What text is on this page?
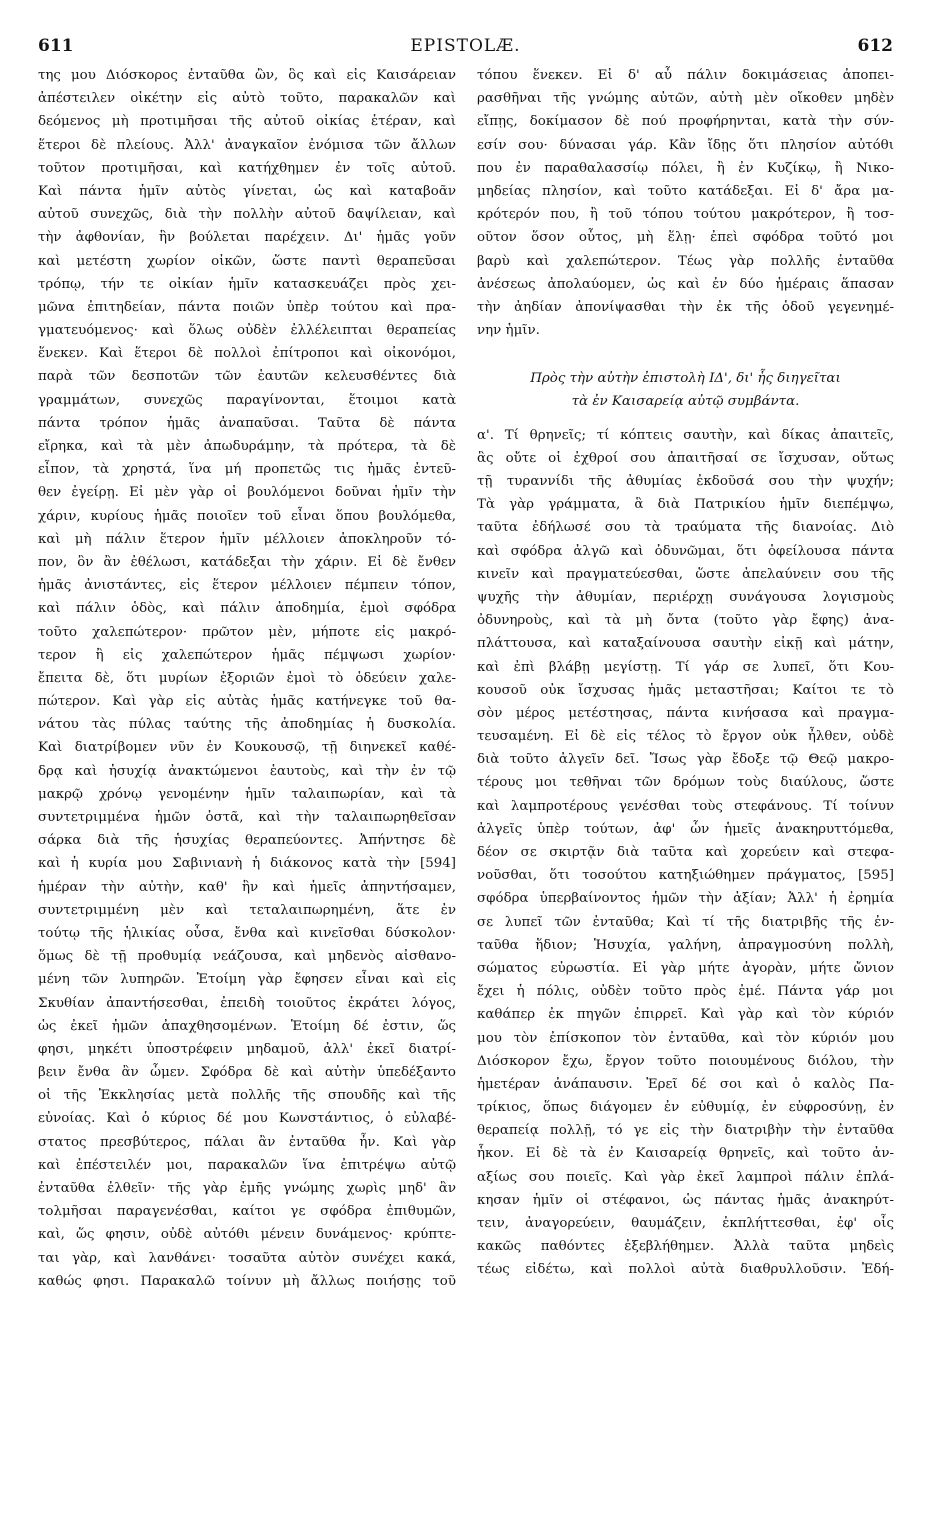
611	EPISTOLÆ.	612
της μου Διόσκορος ἐνταῦθα ὢν, ὃς καὶ εἰς Καισάρειαν
ἀπέστειλεν οἰκέτην εἰς αὐτὸ τοῦτο, παρακαλῶν καὶ
δεόμενος μὴ προτιμῆσαι τῆς αὐτοῦ οἰκίας ἑτέραν, καὶ
ἕτεροι δὲ πλείους. Ἀλλ' ἀναγκαῖον ἐνόμισα τῶν ἄλλων
τοῦτον προτιμῆσαι, καὶ κατήχθημεν ἐν τοῖς αὐτοῦ.
Καὶ πάντα ἡμῖν αὐτὸς γίνεται, ὡς καὶ καταβοᾶν
αὐτοῦ συνεχῶς, διὰ τὴν πολλὴν αὐτοῦ δαψίλειαν, καὶ
τὴν ἀφθονίαν, ἣν βούλεται παρέχειν. Δι' ἡμᾶς γοῦν
καὶ μετέστη χωρίον οἰκῶν, ὥστε παντὶ θεραπεῦσαι
τρόπῳ, τήν τε οἰκίαν ἡμῖν κατασκευάζει πρὸς χει-
μῶνα ἐπιτηδείαν, πάντα ποιῶν ὑπὲρ τούτου καὶ πρα-
γματευόμενος· καὶ ὅλως οὐδὲν ἐλλέλειπται θεραπείας
ἕνεκεν. Καὶ ἕτεροι δὲ πολλοὶ ἐπίτροποι καὶ οἰκονόμοι,
παρὰ τῶν δεσποτῶν τῶν ἑαυτῶν κελευσθέντες διὰ
γραμμάτων, συνεχῶς παραγίνονται, ἕτοιμοι κατὰ
πάντα τρόπον ἡμᾶς ἀναπαῦσαι. Ταῦτα δὲ πάντα
εἴρηκα, καὶ τὰ μὲν ἀπωδυράμην, τὰ πρότερα, τὰ δὲ
εἶπον, τὰ χρηστά, ἵνα μή προπετῶς τις ἡμᾶς ἐντεῦ-
θεν ἐγείρῃ. Εἰ μὲν γὰρ οἱ βουλόμενοι δοῦναι ἡμῖν τὴν
χάριν, κυρίους ἡμᾶς ποιοῖεν τοῦ εἶναι ὅπου βουλόμεθα,
καὶ μὴ πάλιν ἕτερον ἡμῖν μέλλοιεν ἀποκληροῦν τό-
πον, ὃν ἂν ἐθέλωσι, κατάδεξαι τὴν χάριν. Εἰ δὲ ἔνθεν
ἡμᾶς ἀνιστάντες, εἰς ἕτερον μέλλοιεν πέμπειν τόπον,
καὶ πάλιν ὁδὸς, καὶ πάλιν ἀποδημία, ἐμοὶ σφόδρα
τοῦτο χαλεπώτερον· πρῶτον μὲν, μήποτε εἰς μακρό-
τερον ἢ εἰς χαλεπώτερον ἡμᾶς πέμψωσι χωρίον·
ἔπειτα δὲ, ὅτι μυρίων ἐξοριῶν ἐμοὶ τὸ ὁδεύειν χαλε-
πώτερον. Καὶ γὰρ εἰς αὐτὰς ἡμᾶς κατήνεγκε τοῦ θα-
νάτου τὰς πύλας ταύτης τῆς ἀποδημίας ἡ δυσκολία.
Καὶ διατρίβομεν νῦν ἐν Κουκουσῷ, τῇ διηνεκεῖ καθέ-
δρᾳ καὶ ἡσυχίᾳ ἀνακτώμενοι ἑαυτοὺς, καὶ τὴν ἐν τῷ
μακρῷ χρόνῳ γενομένην ἡμῖν ταλαιπωρίαν, καὶ τὰ
συντετριμμένα ἡμῶν ὀστᾶ, καὶ τὴν ταλαιπωρηθεῖσαν
σάρκα διὰ τῆς ἡσυχίας θεραπεύοντες. Ἀπήντησε δὲ
καὶ ἡ κυρία μου Σαβινιανὴ ἡ διάκονος κατὰ τὴν [594]
ἡμέραν τὴν αὐτὴν, καθ' ἣν καὶ ἡμεῖς ἀπηντήσαμεν,
συντετριμμένη μὲν καὶ τεταλαιπωρημένη, ἅτε ἐν
τούτῳ τῆς ἡλικίας οὖσα, ἔνθα καὶ κινεῖσθαι δύσκολον·
ὅμως δὲ τῇ προθυμίᾳ νεάζουσα, καὶ μηδενὸς αἰσθανο-
μένη τῶν λυπηρῶν. Ἑτοίμη γὰρ ἔφησεν εἶναι καὶ εἰς
Σκυθίαν ἀπαντήσεσθαι, ἐπειδὴ τοιοῦτος ἐκράτει λόγος,
ὡς ἐκεῖ ἡμῶν ἀπαχθησομένων. Ἑτοίμη δέ ἐστιν, ὥς
φησι, μηκέτι ὑποστρέφειν μηδαμοῦ, ἀλλ' ἐκεῖ διατρί-
βειν ἔνθα ἂν ὦμεν. Σφόδρα δὲ καὶ αὐτὴν ὑπεδέξαντο
οἱ τῆς Ἐκκλησίας μετὰ πολλῆς τῆς σπουδῆς καὶ τῆς
εὐνοίας. Καὶ ὁ κύριος δέ μου Κωνστάντιος, ὁ εὐλαβέ-
στατος πρεσβύτερος, πάλαι ἂν ἐνταῦθα ἦν. Καὶ γὰρ
καὶ ἐπέστειλέν μοι, παρακαλῶν ἵνα ἐπιτρέψω αὐτῷ
ἐνταῦθα ἐλθεῖν· τῆς γὰρ ἐμῆς γνώμης χωρὶς μηδ' ἂν
τολμῆσαι παραγενέσθαι, καίτοι γε σφόδρα ἐπιθυμῶν,
καὶ, ὥς φησιν, οὐδὲ αὐτόθι μένειν δυνάμενος· κρύπτε-
ται γὰρ, καὶ λανθάνει· τοσαῦτα αὐτὸν συνέχει κακά,
καθώς φησι. Παρακαλῶ τοίνυν μὴ ἄλλως ποιήσῃς τοῦ
τόπου ἕνεκεν. Εἰ δ' αὖ πάλιν δοκιμάσειας ἀποπει-
ρασθῆναι τῆς γνώμης αὐτῶν, αὐτὴ μὲν οἴκοθεν μηδὲν
εἴπῃς, δοκίμασον δὲ πού προφήρηνται, κατὰ τὴν σύν-
εσίν σου· δύνασαι γάρ. Κἂν ἴδῃς ὅτι πλησίον αὐτόθι
που ἐν παραθαλασσίῳ πόλει, ἢ ἐν Κυζίκῳ, ἢ Νικο-
μηδείας πλησίον, καὶ τοῦτο κατάδεξαι. Εἰ δ' ἄρα μα-
κρότερόν που, ἢ τοῦ τόπου τούτου μακρότερον, ἢ τοσ-
οῦτον ὅσον οὗτος, μὴ ἕλῃ· ἐπεὶ σφόδρα τοῦτό μοι
βαρὺ καὶ χαλεπώτερον. Τέως γὰρ πολλῆς ἐνταῦθα
ἀνέσεως ἀπολαύομεν, ὡς καὶ ἐν δύο ἡμέραις ἅπασαν
τὴν ἀηδίαν ἀπονίψασθαι τὴν ἐκ τῆς ὁδοῦ γεγενημέ-
νην ἡμῖν.
Πρὸς τὴν αὐτὴν ἐπιστολὴ ΙΔ', δι' ἧς διηγεῖται
τὰ ἐν Καισαρείᾳ αὐτῷ συμβάντα.
α'. Τί θρηνεῖς; τί κόπτεις σαυτὴν, καὶ δίκας ἀπαιτεῖς,
ἃς οὔτε οἱ ἐχθροί σου ἀπαιτῆσαί σε ἴσχυσαν, οὕτως
τῇ τυραννίδι τῆς ἀθυμίας ἐκδοῦσά σου τὴν ψυχήν;
Τὰ γὰρ γράμματα, ἃ διὰ Πατρικίου ἡμῖν διεπέμψω,
ταῦτα ἐδήλωσέ σου τὰ τραύματα τῆς διανοίας. Διὸ
καὶ σφόδρα ἀλγῶ καὶ ὀδυνῶμαι, ὅτι ὀφείλουσα πάντα
κινεῖν καὶ πραγματεύεσθαι, ὥστε ἀπελαύνειν σου τῆς
ψυχῆς τὴν ἀθυμίαν, περιέρχῃ συνάγουσα λογισμοὺς
ὀδυνηροὺς, καὶ τὰ μὴ ὄντα (τοῦτο γὰρ ἔφης) ἀνα-
πλάττουσα, καὶ καταξαίνουσα σαυτὴν εἰκῇ καὶ μάτην,
καὶ ἐπὶ βλάβῃ μεγίστῃ. Τί γάρ σε λυπεῖ, ὅτι Κου-
κουσοῦ οὐκ ἴσχυσας ἡμᾶς μεταστῆσαι; Καίτοι τε τὸ
σὸν μέρος μετέστησας, πάντα κινήσασα καὶ πραγμα-
τευσαμένη. Εἰ δὲ εἰς τέλος τὸ ἔργον οὐκ ἦλθεν, οὐδὲ
διὰ τοῦτο ἀλγεῖν δεῖ. Ἴσως γὰρ ἔδοξε τῷ Θεῷ μακρο-
τέρους μοι τεθῆναι τῶν δρόμων τοὺς διαύλους, ὥστε
καὶ λαμπροτέρους γενέσθαι τοὺς στεφάνους. Τί τοίνυν
ἀλγεῖς ὑπὲρ τούτων, ἀφ' ὧν ἡμεῖς ἀνακηρυττόμεθα,
δέον σε σκιρτᾷν διὰ ταῦτα καὶ χορεύειν καὶ στεφα-
νοῦσθαι, ὅτι τοσούτου κατηξιώθημεν πράγματος, [595]
σφόδρα ὑπερβαίνοντος ἡμῶν τὴν ἀξίαν; Ἀλλ' ἡ ἐρημία
σε λυπεῖ τῶν ἐνταῦθα; Καὶ τί τῆς διατριβῆς τῆς ἐν-
ταῦθα ἥδιον; Ἡσυχία, γαλήνη, ἀπραγμοσύνη πολλὴ,
σώματος εὐρωστία. Εἰ γὰρ μήτε ἀγορὰν, μήτε ὤνιον
ἔχει ἡ πόλις, οὐδὲν τοῦτο πρὸς ἐμέ. Πάντα γάρ μοι
καθάπερ ἐκ πηγῶν ἐπιρρεῖ. Καὶ γὰρ καὶ τὸν κύριόν
μου τὸν ἐπίσκοπον τὸν ἐνταῦθα, καὶ τὸν κύριόν μου
Διόσκορον ἔχω, ἔργον τοῦτο ποιουμένους διόλου, τὴν
ἡμετέραν ἀνάπαυσιν. Ἐρεῖ δέ σοι καὶ ὁ καλὸς Πα-
τρίκιος, ὅπως διάγομεν ἐν εὐθυμίᾳ, ἐν εὐφροσύνῃ, ἐν
θεραπείᾳ πολλῇ, τό γε εἰς τὴν διατριβὴν τὴν ἐνταῦθα
ἧκον. Εἰ δὲ τὰ ἐν Καισαρείᾳ θρηνεῖς, καὶ τοῦτο ἀν-
αξίως σου ποιεῖς. Καὶ γὰρ ἐκεῖ λαμπροὶ πάλιν ἐπλά-
κησαν ἡμῖν οἱ στέφανοι, ὡς πάντας ἡμᾶς ἀνακηρύτ-
τειν, ἀναγορεύειν, θαυμάζειν, ἐκπλήττεσθαι, ἐφ' οἷς
κακῶς παθόντες ἐξεβλήθημεν. Ἀλλὰ ταῦτα μηδεὶς
τέως εἰδέτω, καὶ πολλοὶ αὐτὰ διαθρυλλοῦσιν. Ἐδή-
